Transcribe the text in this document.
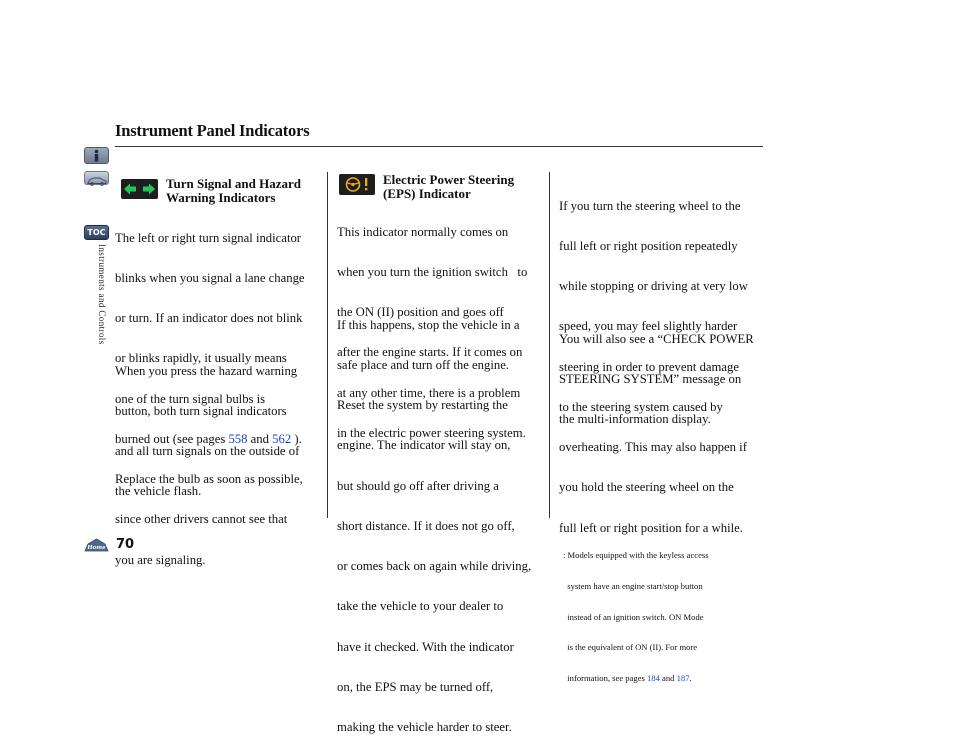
Instrument Panel Indicators
TOC
Instruments and Controls
Home
Turn Signal and Hazard
Warning Indicators

The left or right turn signal indicator

blinks when you signal a lane change

or turn. If an indicator does not blink

or blinks rapidly, it usually means

one of the turn signal bulbs is

burned out (see pages 558 and 562 ).

Replace the bulb as soon as possible,

since other drivers cannot see that

you are signaling.

When you press the hazard warning

button, both turn signal indicators

and all turn signals on the outside of

the vehicle flash.

Electric Power Steering
(EPS) Indicator

This indicator normally comes on

when you turn the ignition switch   to

the ON (II) position and goes off

after the engine starts. If it comes on

at any other time, there is a problem

in the electric power steering system.

If this happens, stop the vehicle in a

safe place and turn off the engine.

Reset the system by restarting the

engine. The indicator will stay on,

but should go off after driving a

short distance. If it does not go off,

or comes back on again while driving,

take the vehicle to your dealer to

have it checked. With the indicator

on, the EPS may be turned off,

making the vehicle harder to steer.

If you turn the steering wheel to the

full left or right position repeatedly

while stopping or driving at very low

speed, you may feel slightly harder

steering in order to prevent damage

to the steering system caused by

overheating. This may also happen if

you hold the steering wheel on the

full left or right position for a while.

You will also see a “CHECK POWER

STEERING SYSTEM” message on

the multi-information display.

70

: Models equipped with the keyless access

system have an engine start/stop button

instead of an ignition switch. ON Mode

is the equivalent of ON (II). For more

information, see pages 184 and 187.
